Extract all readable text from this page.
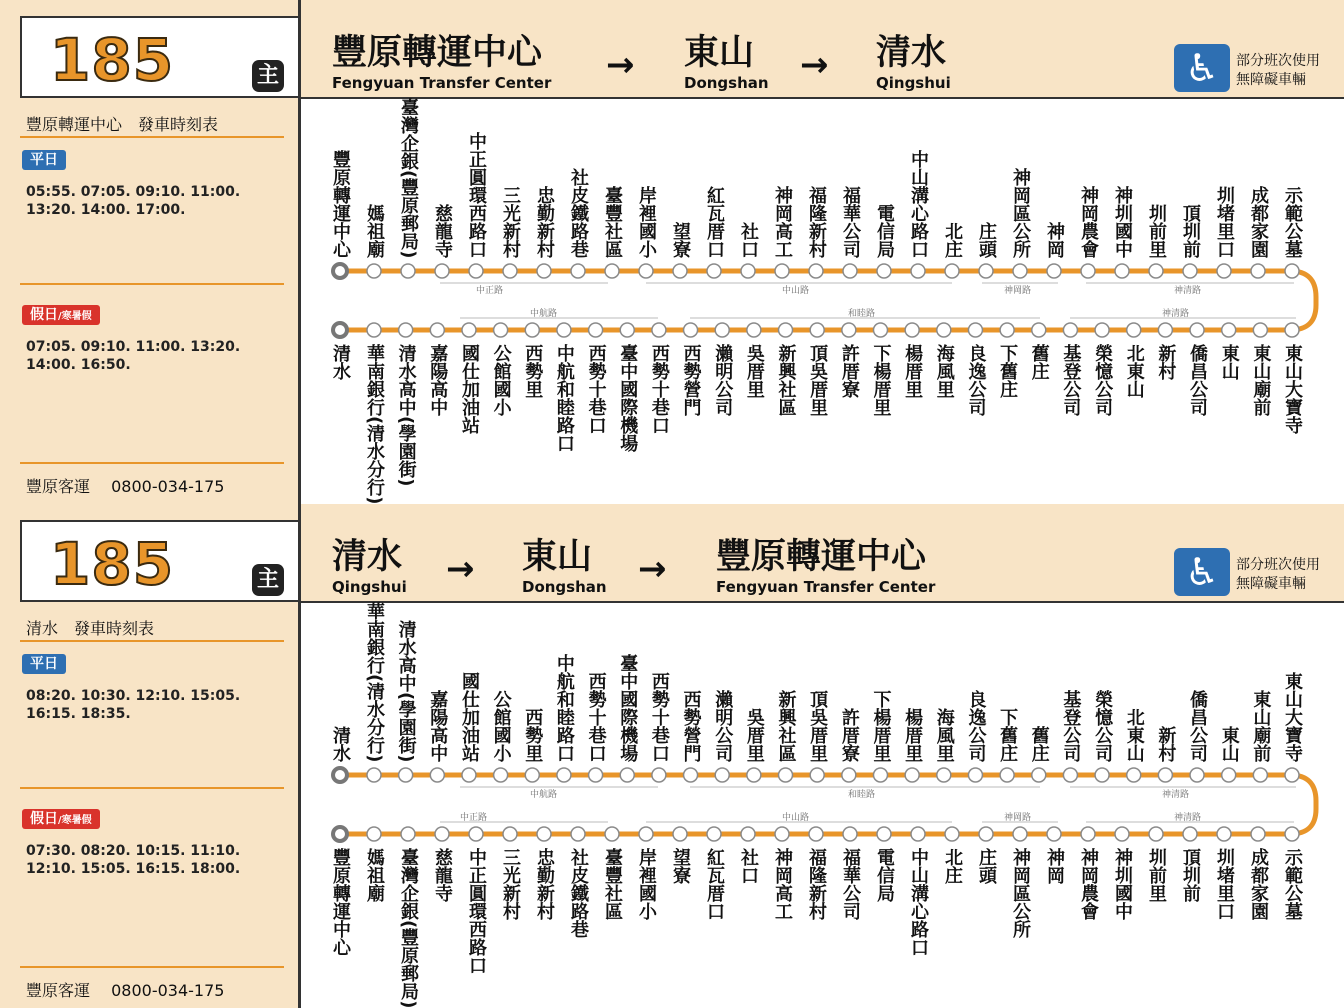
185	主
豐原轉運中心
Fengyuan Transfer Center → 東山
Dongshan → 清水
Qingshui	♿	部分班次使用
無障礙車輛
豐原轉運中心　發車時刻表
平日
05:55. 07:05. 09:10. 11:00. 13:20. 14:00. 17:00.
假日/寒暑假
07:05. 09:10. 11:00. 13:20. 14:00. 16:50.
豐原客運　 0800-034-175
中正路	中山路	神岡路	神清路
中航路	和睦路	神清路
豐原轉運中心
清水
媽祖廟 臺灣企銀(豐原郵局) 慈龍寺 中正圓環西路口 三光新村 忠勤新村 社皮鐵路巷 臺豐社區 岸裡國小 望寮 紅瓦厝口 社口 神岡高工 福隆新村 福華公司 電信局 中山溝心路口 北庄 庄頭 神岡區公所 神岡 神岡農會 神圳國中 圳前里 頂圳前 圳堵里口 成都家園 示範公墓
華南銀行(清水分行) 清水高中(學園街) 嘉陽高中 國仕加油站 公館國小 西勢里 中航和睦路口 西勢十巷口 臺中國際機場 西勢十巷口 西勢營門 瀨明公司 吳厝里 新興社區 頂吳厝里 許厝寮 下楊厝里 楊厝里 海風里 良逸公司 下舊庄 舊庄 基登公司 榮憶公司 北東山 新村 僑昌公司 東山 東山廟前 東山大寶寺
185	主
清水
Qingshui → 東山
Dongshan → 豐原轉運中心
Fengyuan Transfer Center	♿	部分班次使用
無障礙車輛
清水　發車時刻表
平日
08:20. 10:30. 12:10. 15:05. 16:15. 18:35.
假日/寒暑假
07:30. 08:20. 10:15. 11:10. 12:10. 15:05. 16:15. 18:00.
豐原客運　 0800-034-175
中航路	和睦路	神清路
中正路	中山路	神岡路	神清路
清水
豐原轉運中心
華南銀行(清水分行) 清水高中(學園街) 嘉陽高中 國仕加油站 公館國小 西勢里 中航和睦路口 西勢十巷口 臺中國際機場 西勢十巷口 西勢營門 瀨明公司 吳厝里 新興社區 頂吳厝里 許厝寮 下楊厝里 楊厝里 海風里 良逸公司 下舊庄 舊庄 基登公司 榮憶公司 北東山 新村 僑昌公司 東山 東山廟前 東山大寶寺
媽祖廟 臺灣企銀(豐原郵局) 慈龍寺 中正圓環西路口 三光新村 忠勤新村 社皮鐵路巷 臺豐社區 岸裡國小 望寮 紅瓦厝口 社口 神岡高工 福隆新村 福華公司 電信局 中山溝心路口 北庄 庄頭 神岡區公所 神岡 神岡農會 神圳國中 圳前里 頂圳前 圳堵里口 成都家園 示範公墓
